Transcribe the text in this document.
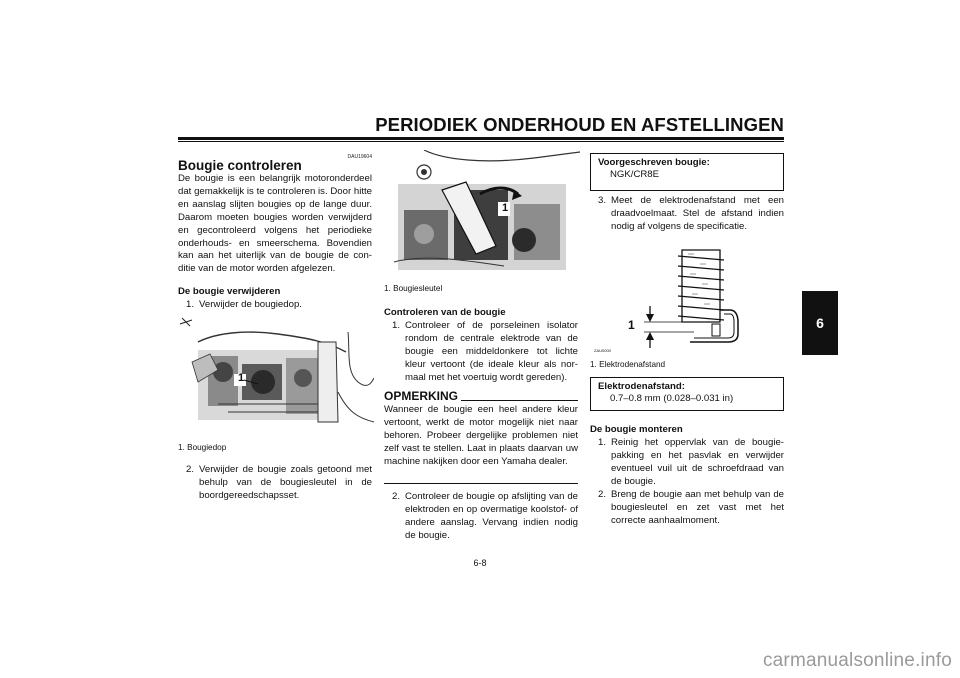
PERIODIEK ONDERHOUD EN AFSTELLINGEN
6
DAU19604
Bougie controleren
De bougie is een belangrijk motoronderdeel dat gemakkelijk is te controleren is. Door hitte en aanslag slijten bougies op de lange duur. Daarom moeten bougies worden verwijderd en gecontroleerd volgens het periodieke onderhouds- en smeerschema. Bovendien kan aan het uiterlijk van de bougie de conditie van de motor worden afgelezen.
De bougie verwijderen
1. Verwijder de bougiedop.
1
1. Bougiedop
2. Verwijder de bougie zoals getoond met behulp van de bougiesleutel in de boordgereedschapsset.
1
1. Bougiesleutel
Controleren van de bougie
1. Controleer of de porseleinen isolator rondom de centrale elektrode van de bougie een middeldonkere tot lichte kleur vertoont (de ideale kleur als normaal met het voertuig wordt gereden).
OPMERKING
Wanneer de bougie een heel andere kleur vertoont, werkt de motor mogelijk niet naar behoren. Probeer dergelijke problemen niet zelf vast te stellen. Laat in plaats daarvan uw machine nakijken door een Yamaha dealer.
2. Controleer de bougie op afslijting van de elektroden en op overmatige koolstof- of andere aanslag. Vervang indien nodig de bougie.
Voorgeschreven bougie:
NGK/CR8E
3. Meet de elektrodenafstand met een draadvoelmaat. Stel de afstand indien nodig af volgens de specificatie.
1
ZAU0000
1. Elektrodenafstand
Elektrodenafstand:
0.7–0.8 mm (0.028–0.031 in)
De bougie monteren
1. Reinig het oppervlak van de bougiepakking en het pasvlak en verwijder eventueel vuil uit de schroefdraad van de bougie.
2. Breng de bougie aan met behulp van de bougiesleutel en zet vast met het correcte aanhaalmoment.
6-8
carmanualsonline.info
